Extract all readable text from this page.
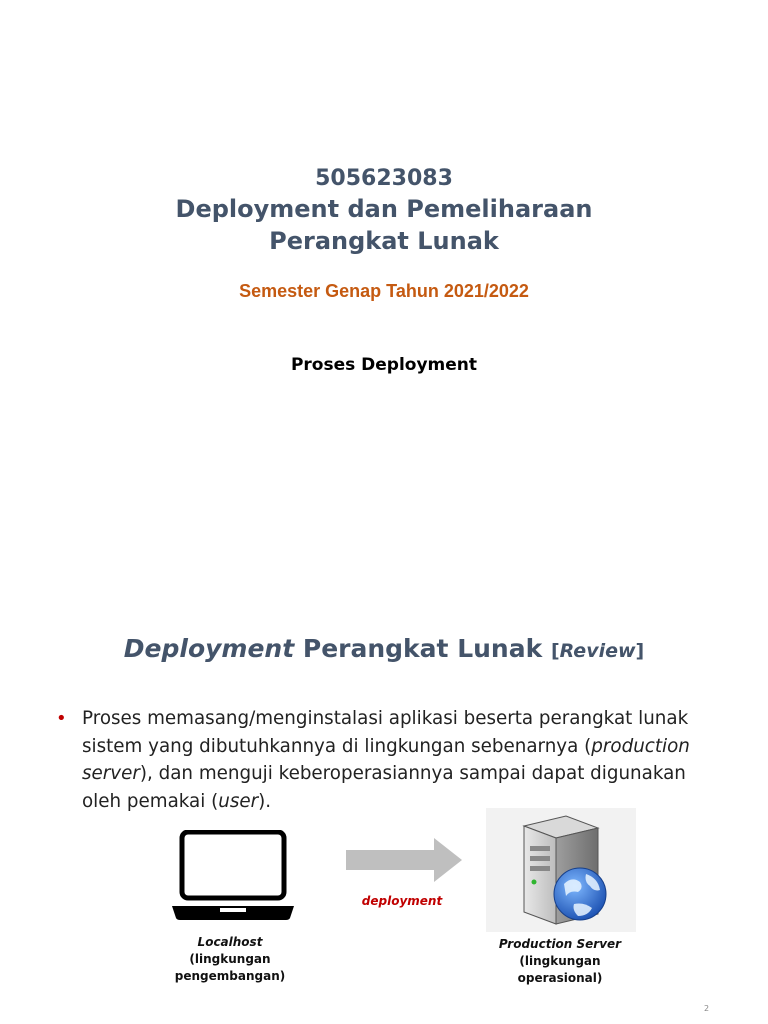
505623083
Deployment dan Pemeliharaan
Perangkat Lunak
Semester Genap Tahun 2021/2022
Proses Deployment
Deployment Perangkat Lunak [Review]
• Proses memasang/menginstalasi aplikasi beserta perangkat lunak sistem yang dibutuhkannya di lingkungan sebenarnya (production server), dan menguji keberoperasiannya sampai dapat digunakan oleh pemakai (user).
deployment
Localhost
(lingkungan
pengembangan)
Production Server
(lingkungan
operasional)
2
